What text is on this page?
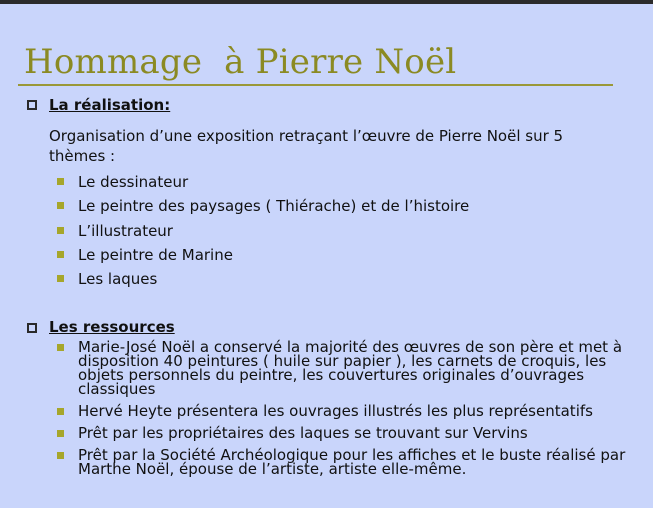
Hommage  à Pierre Noël
La réalisation:
Organisation d’une exposition retraçant l’œuvre de Pierre Noël sur 5 thèmes :
Le dessinateur
Le peintre des paysages ( Thiérache) et de l’histoire
L’illustrateur
Le peintre de Marine
Les laques
Les ressources
Marie-José Noël a conservé la majorité des œuvres de son père et met à disposition 40 peintures ( huile sur papier ), les carnets de croquis, les objets personnels du peintre, les couvertures originales d’ouvrages classiques
Hervé Heyte présentera les ouvrages illustrés les plus représentatifs
Prêt par les propriétaires des laques se trouvant sur Vervins
Prêt par la Société Archéologique pour les affiches et le buste réalisé par Marthe Noël, épouse de l’artiste, artiste elle-même.
